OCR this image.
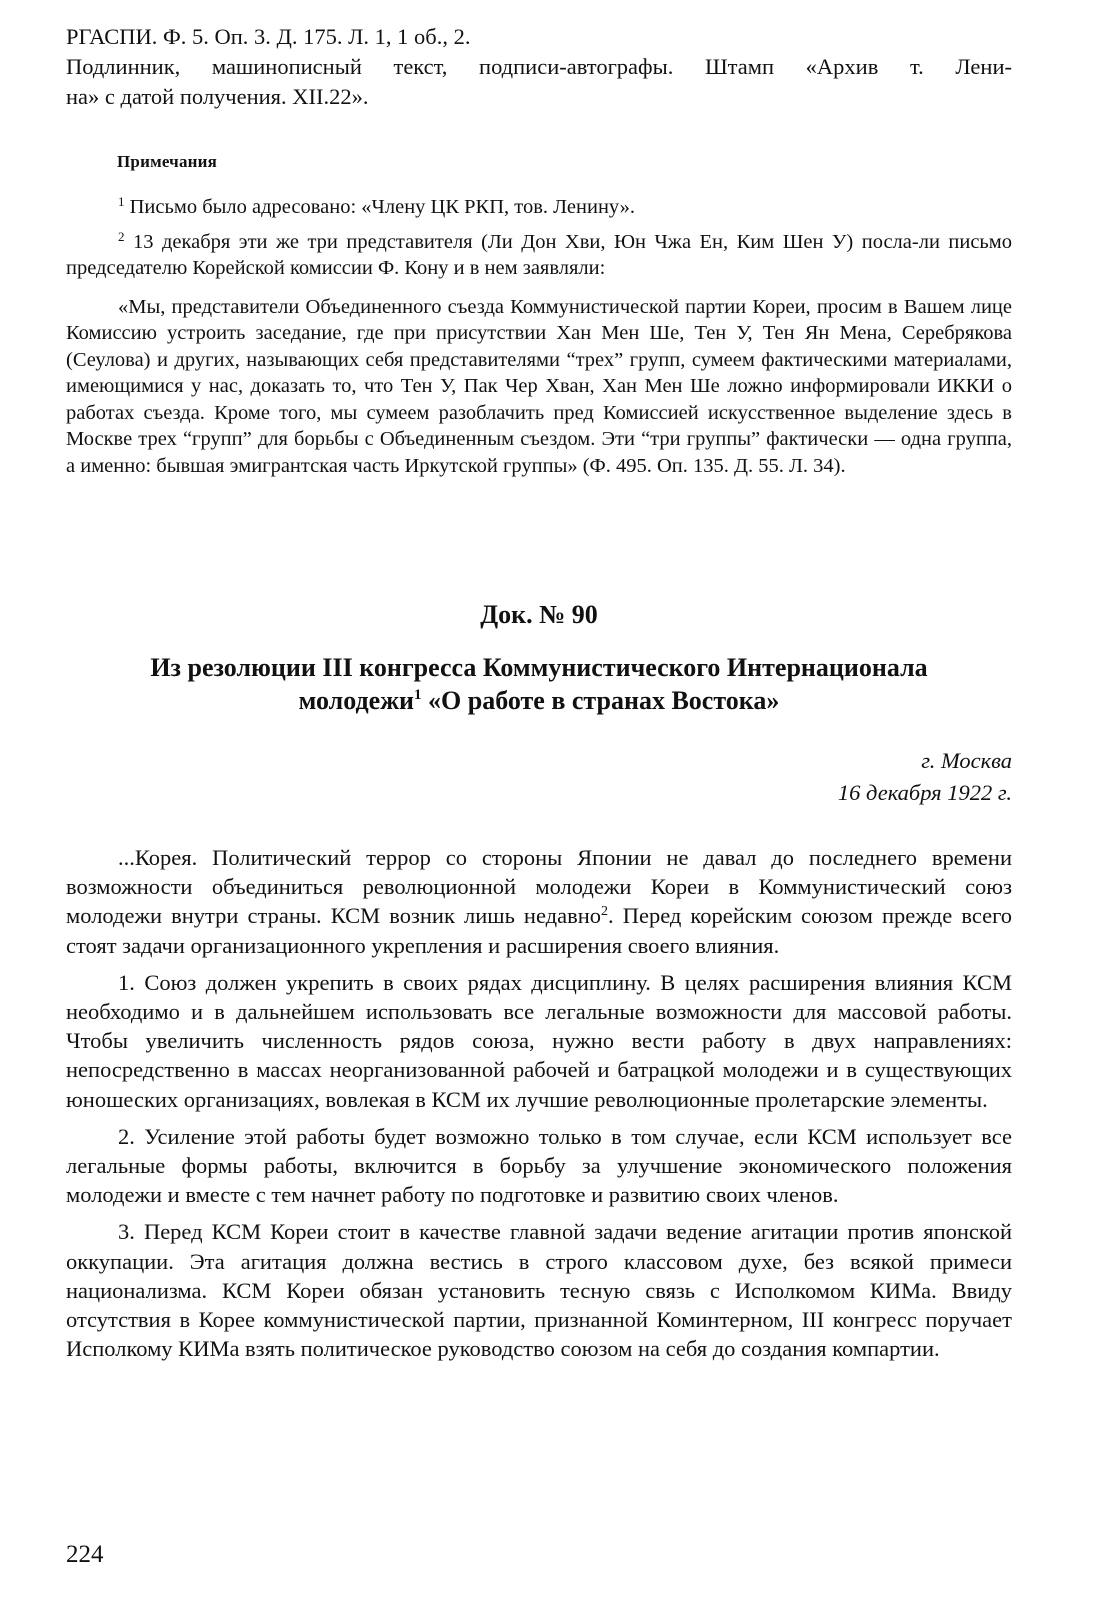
РГАСПИ. Ф. 5. Оп. 3. Д. 175. Л. 1, 1 об., 2.
Подлинник, машинописный текст, подписи-автографы. Штамп «Архив т. Лени-
на» с датой получения. XII.22».
Примечания

$^1$ Письмо было адресовано: «Члену ЦК РКП, тов. Ленину».

$^2$ 13 декабря эти же три представителя (Ли Дон Хви, Юн Чжа Ен, Ким Шен У) посла-ли письмо председателю Корейской комиссии Ф. Кону и в нем заявляли:

«Мы, представители Объединенного съезда Коммунистической партии Кореи, просим в Вашем лице Комиссию устроить заседание, где при присутствии Хан Мен Ше, Тен У, Тен Ян Мена, Серебрякова (Сеулова) и других, называющих себя представителями “трех” групп, сумеем фактическими материалами, имеющимися у нас, доказать то, что Тен У, Пак Чер Хван, Хан Мен Ше ложно информировали ИККИ о работах съезда. Кроме того, мы сумеем разоблачить пред Комиссией искусственное выделение здесь в Москве трех “групп” для борьбы с Объединенным съездом. Эти “три группы” фактически — одна группа, а именно: бывшая эмигрантская часть Иркутской группы» (Ф. 495. Оп. 135. Д. 55. Л. 34).

Док. № 90
Из резолюции III конгресса Коммунистического Интернационала
молодежи$^1$ «О работе в странах Востока»
г. Москва
16 декабря 1922 г.

...Корея. Политический террор со стороны Японии не давал до последнего времени возможности объединиться революционной молодежи Кореи в Коммунистический союз молодежи внутри страны. КСМ возник лишь недавно$^2$. Перед корейским союзом прежде всего стоят задачи организационного укрепления и расширения своего влияния.

1. Союз должен укрепить в своих рядах дисциплину. В целях расширения влияния КСМ необходимо и в дальнейшем использовать все легальные возможности для массовой работы. Чтобы увеличить численность рядов союза, нужно вести работу в двух направлениях: непосредственно в массах неорганизованной рабочей и батрацкой молодежи и в существующих юношеских организациях, вовлекая в КСМ их лучшие революционные пролетарские элементы.

2. Усиление этой работы будет возможно только в том случае, если КСМ использует все легальные формы работы, включится в борьбу за улучшение экономического положения молодежи и вместе с тем начнет работу по подготовке и развитию своих членов.

3. Перед КСМ Кореи стоит в качестве главной задачи ведение агитации против японской оккупации. Эта агитация должна вестись в строго классовом духе, без всякой примеси национализма. КСМ Кореи обязан установить тесную связь с Исполкомом КИМа. Ввиду отсутствия в Корее коммунистической партии, признанной Коминтерном, III конгресс поручает Исполкому КИМа взять политическое руководство союзом на себя до создания компартии.

224
